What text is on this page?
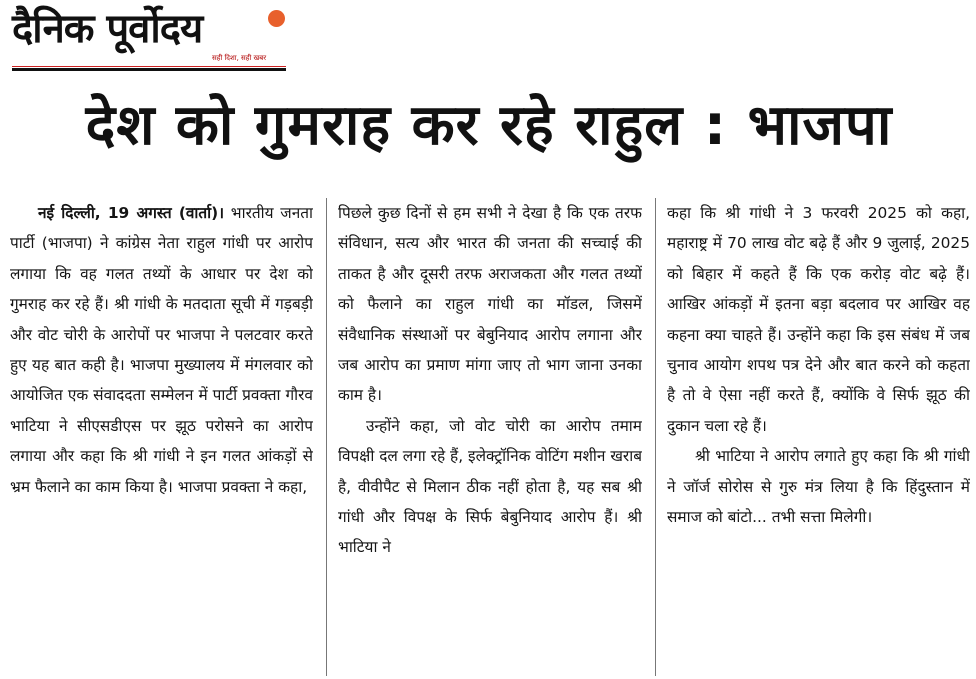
दैनिक पूर्वोदय
सही दिशा, सही खबर
देश को गुमराह कर रहे राहुल : भाजपा

नई दिल्ली, 19 अगस्त (वार्ता)। भारतीय जनता पार्टी (भाजपा) ने कांग्रेस नेता राहुल गांधी पर आरोप लगाया कि वह गलत तथ्यों के आधार पर देश को गुमराह कर रहे हैं। श्री गांधी के मतदाता सूची में गड़बड़ी और वोट चोरी के आरोपों पर भाजपा ने पलटवार करते हुए यह बात कही है। भाजपा मुख्यालय में मंगलवार को आयोजित एक संवाददता सम्मेलन में पार्टी प्रवक्ता गौरव भाटिया ने सीएसडीएस पर झूठ परोसने का आरोप लगाया और कहा कि श्री गांधी ने इन गलत आंकड़ों से भ्रम फैलाने का काम किया है। भाजपा प्रवक्ता ने कहा,

पिछले कुछ दिनों से हम सभी ने देखा है कि एक तरफ संविधान, सत्य और भारत की जनता की सच्चाई की ताकत है और दूसरी तरफ अराजकता और गलत तथ्यों को फैलाने का राहुल गांधी का मॉडल, जिसमें संवैधानिक संस्थाओं पर बेबुनियाद आरोप लगाना और जब आरोप का प्रमाण मांगा जाए तो भाग जाना उनका काम है।

उन्होंने कहा, जो वोट चोरी का आरोप तमाम विपक्षी दल लगा रहे हैं, इलेक्ट्रॉनिक वोटिंग मशीन खराब है, वीवीपैट से मिलान ठीक नहीं होता है, यह सब श्री गांधी और विपक्ष के सिर्फ बेबुनियाद आरोप हैं। श्री भाटिया ने

कहा कि श्री गांधी ने 3 फरवरी 2025 को कहा, महाराष्ट्र में 70 लाख वोट बढ़े हैं और 9 जुलाई, 2025 को बिहार में कहते हैं कि एक करोड़ वोट बढ़े हैं। आखिर आंकड़ों में इतना बड़ा बदलाव पर आखिर वह कहना क्या चाहते हैं। उन्होंने कहा कि इस संबंध में जब चुनाव आयोग शपथ पत्र देने और बात करने को कहता है तो वे ऐसा नहीं करते हैं, क्योंकि वे सिर्फ झूठ की दुकान चला रहे हैं।

श्री भाटिया ने आरोप लगाते हुए कहा कि श्री गांधी ने जॉर्ज सोरोस से गुरु मंत्र लिया है कि हिंदुस्तान में समाज को बांटो... तभी सत्ता मिलेगी।
